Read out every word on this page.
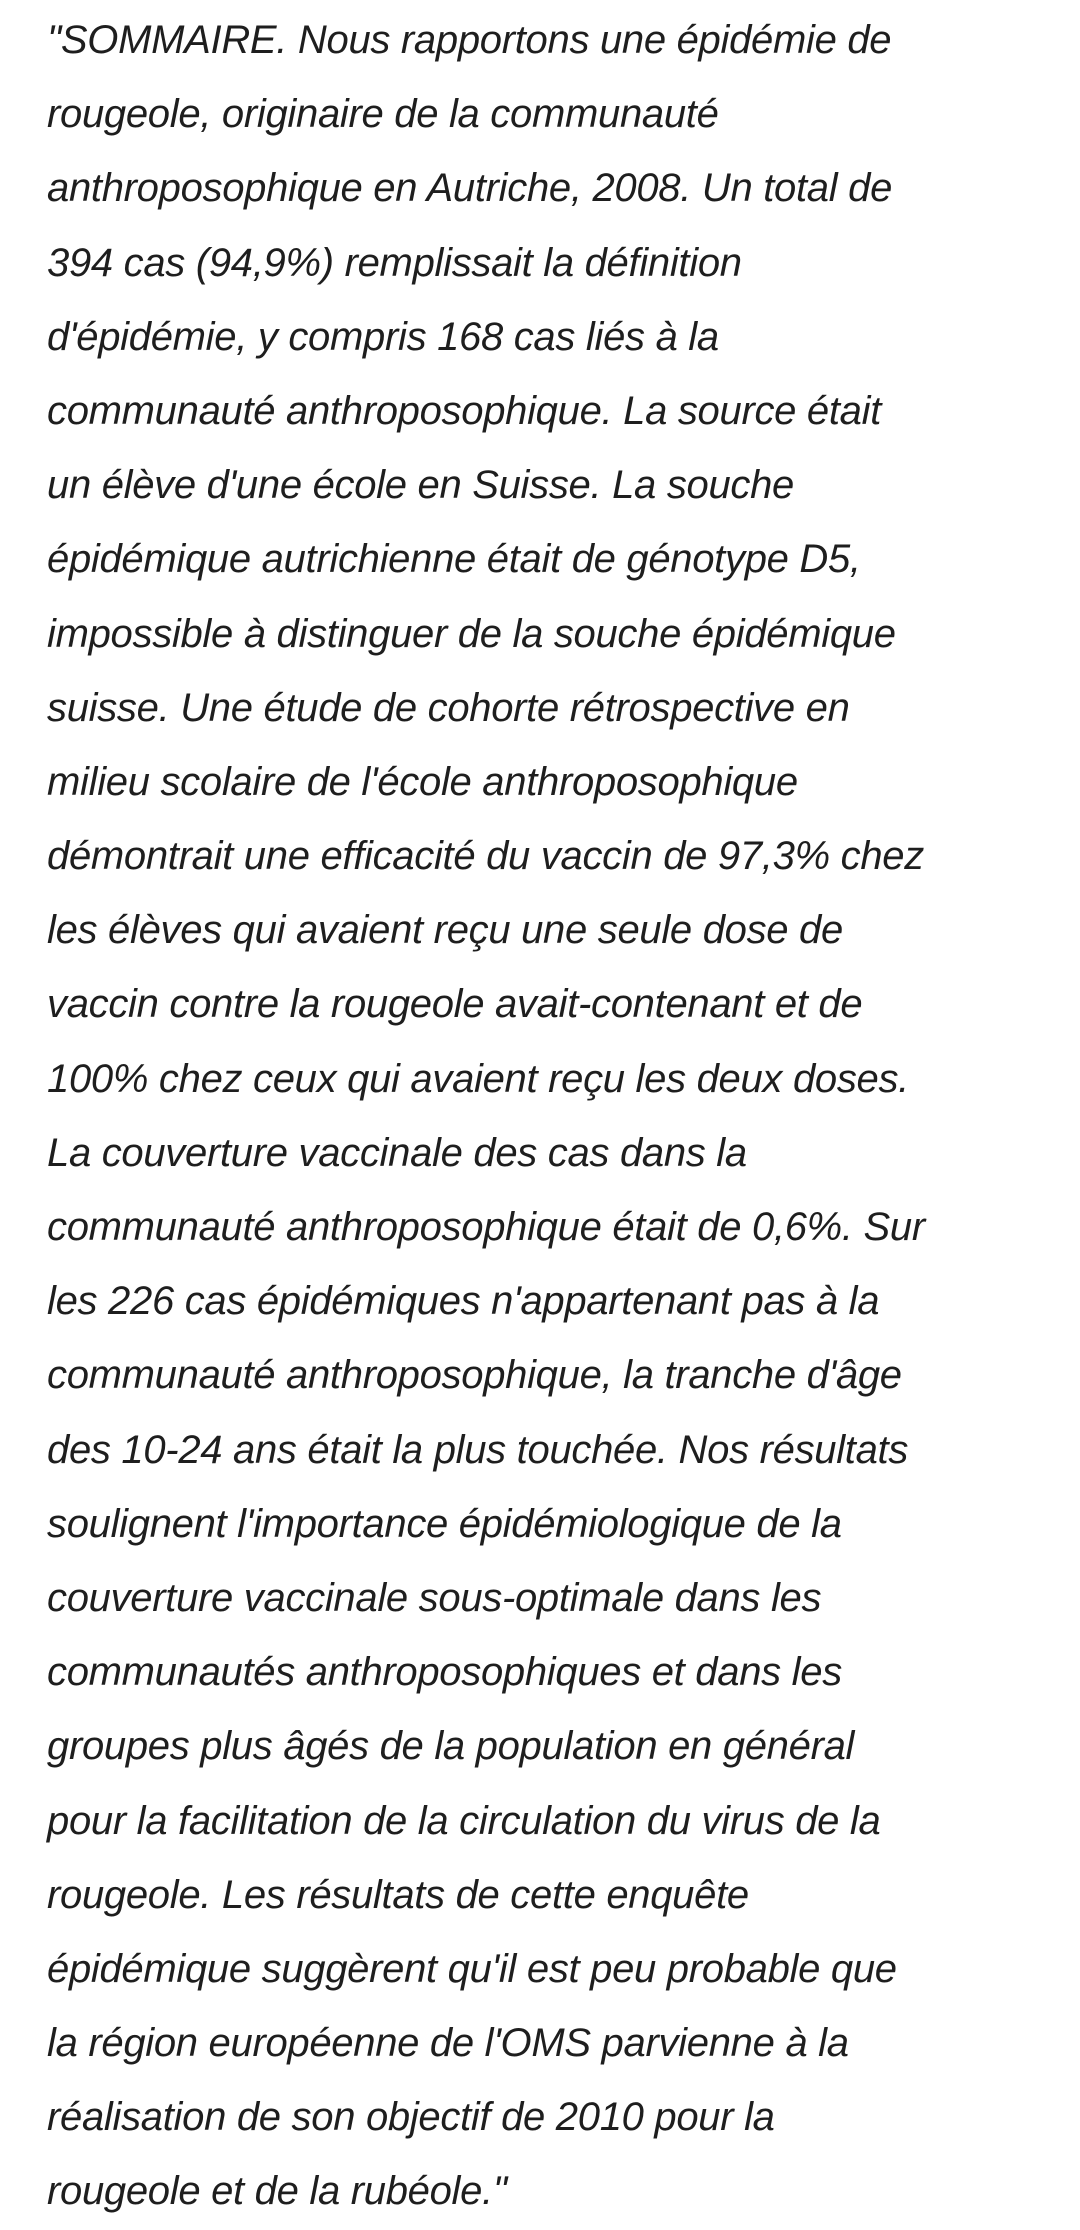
"SOMMAIRE. Nous rapportons une épidémie de
rougeole, originaire de la communauté
anthroposophique en Autriche, 2008. Un total de
394 cas (94,9%) remplissait la définition
d'épidémie, y compris 168 cas liés à la
communauté anthroposophique. La source était
un élève d'une école en Suisse. La souche
épidémique autrichienne était de génotype D5,
impossible à distinguer de la souche épidémique
suisse. Une étude de cohorte rétrospective en
milieu scolaire de l'école anthroposophique
démontrait une efficacité du vaccin de 97,3% chez
les élèves qui avaient reçu une seule dose de
vaccin contre la rougeole avait-contenant et de
100% chez ceux qui avaient reçu les deux doses.
La couverture vaccinale des cas dans la
communauté anthroposophique était de 0,6%. Sur
les 226 cas épidémiques n'appartenant pas à la
communauté anthroposophique, la tranche d'âge
des 10-24 ans était la plus touchée. Nos résultats
soulignent l'importance épidémiologique de la
couverture vaccinale sous-optimale dans les
communautés anthroposophiques et dans les
groupes plus âgés de la population en général
pour la facilitation de la circulation du virus de la
rougeole. Les résultats de cette enquête
épidémique suggèrent qu'il est peu probable que
la région européenne de l'OMS parvienne à la
réalisation de son objectif de 2010 pour la
rougeole et de la rubéole."
